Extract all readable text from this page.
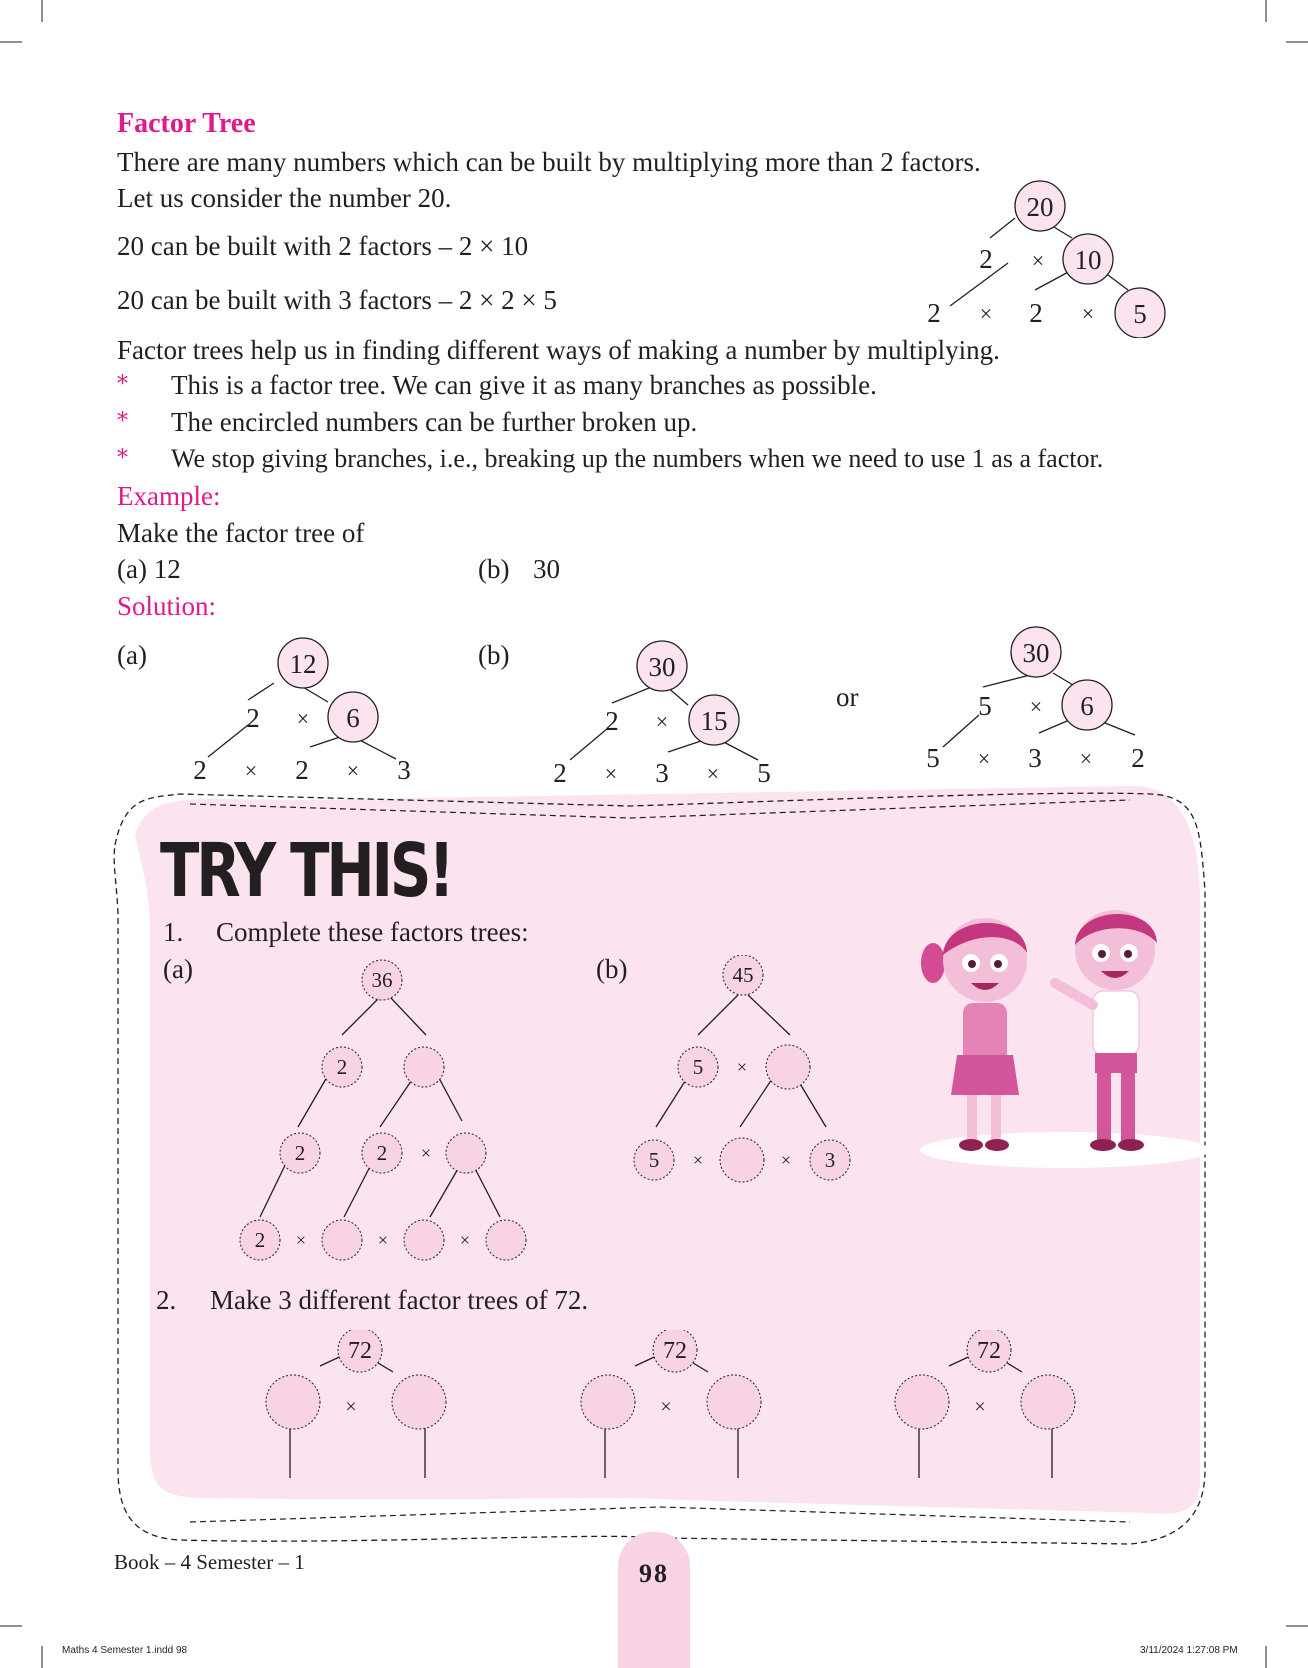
Factor Tree
There are many numbers which can be built by multiplying more than 2 factors.
Let us consider the number 20.
20 can be built with 2 factors – 2 × 10
20 can be built with 3 factors – 2 × 2 × 5
20
2 × 10
2 × 2 × 5
Factor trees help us in finding different ways of making a number by multiplying.
* This is a factor tree. We can give it as many branches as possible.
* The encircled numbers can be further broken up.
* We stop giving branches, i.e., breaking up the numbers when we need to use 1 as a factor.
Example:
Make the factor tree of
(a) 12	(b) 30
Solution:
(a)	(b)
or
12
2 × 6
2 × 2 × 3
30
2 × 15
2 × 3 × 5
30
5 × 6
5 × 3 × 2
TRY THIS!
1. Complete these factors trees:
(a)	(b)
36
2
2	2 ×
2 ×	×	×
45
5 ×
5 ×	× 3
2. Make 3 different factor trees of 72.
72
×
72
×
72
×
Book – 4 Semester – 1	98
Maths 4 Semester 1.indd 98	3/11/2024 1:27:08 PM
